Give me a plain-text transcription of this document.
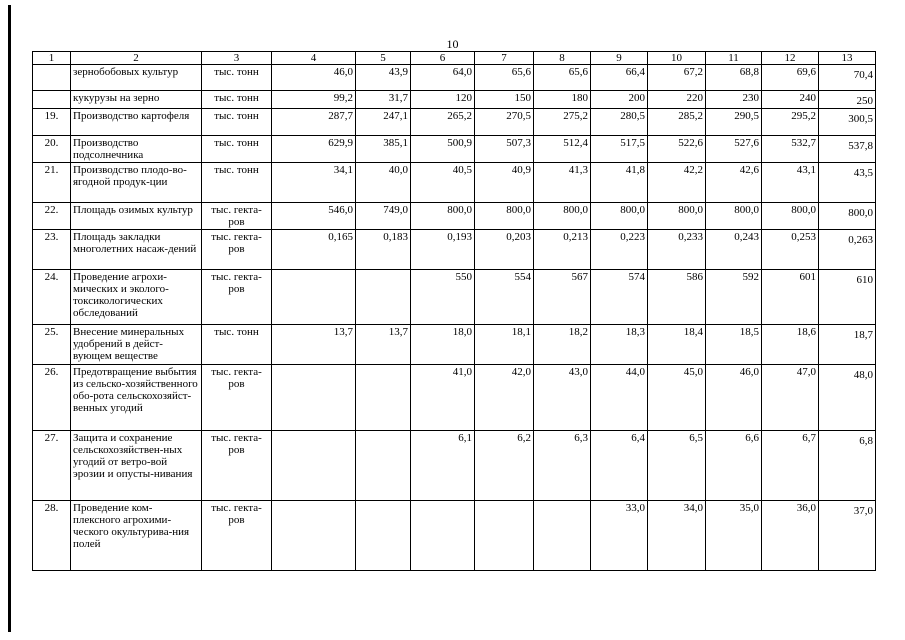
10
1	2	3	4	5	6	7	8	9	10	11	12	13
	зернобобовых культур	тыс. тонн	46,0	43,9	64,0	65,6	65,6	66,4	67,2	68,8	69,6	70,4
	кукурузы на зерно	тыс. тонн	99,2	31,7	120	150	180	200	220	230	240	250
19.	Производство картофеля	тыс. тонн	287,7	247,1	265,2	270,5	275,2	280,5	285,2	290,5	295,2	300,5
20.	Производство подсолнечника	тыс. тонн	629,9	385,1	500,9	507,3	512,4	517,5	522,6	527,6	532,7	537,8
21.	Производство плодо-во-ягодной продук-ции	тыс. тонн	34,1	40,0	40,5	40,9	41,3	41,8	42,2	42,6	43,1	43,5
22.	Площадь озимых культур	тыс. гекта-ров	546,0	749,0	800,0	800,0	800,0	800,0	800,0	800,0	800,0	800,0
23.	Площадь закладки многолетних насаж-дений	тыс. гекта-ров	0,165	0,183	0,193	0,203	0,213	0,223	0,233	0,243	0,253	0,263
24.	Проведение агрохи-мических и эколого-токсикологических обследований	тыс. гекта-ров			550	554	567	574	586	592	601	610
25.	Внесение минеральных удобрений в дейст-вующем веществе	тыс. тонн	13,7	13,7	18,0	18,1	18,2	18,3	18,4	18,5	18,6	18,7
26.	Предотвращение выбытия из сельско-хозяйственного обо-рота сельскохозяйст-венных угодий	тыс. гекта-ров			41,0	42,0	43,0	44,0	45,0	46,0	47,0	48,0
27.	Защита и сохранение сельскохозяйствен-ных угодий от ветро-вой эрозии и опусты-нивания	тыс. гекта-ров			6,1	6,2	6,3	6,4	6,5	6,6	6,7	6,8
28.	Проведение ком-плексного агрохими-ческого окультурива-ния полей	тыс. гекта-ров						33,0	34,0	35,0	36,0	37,0
